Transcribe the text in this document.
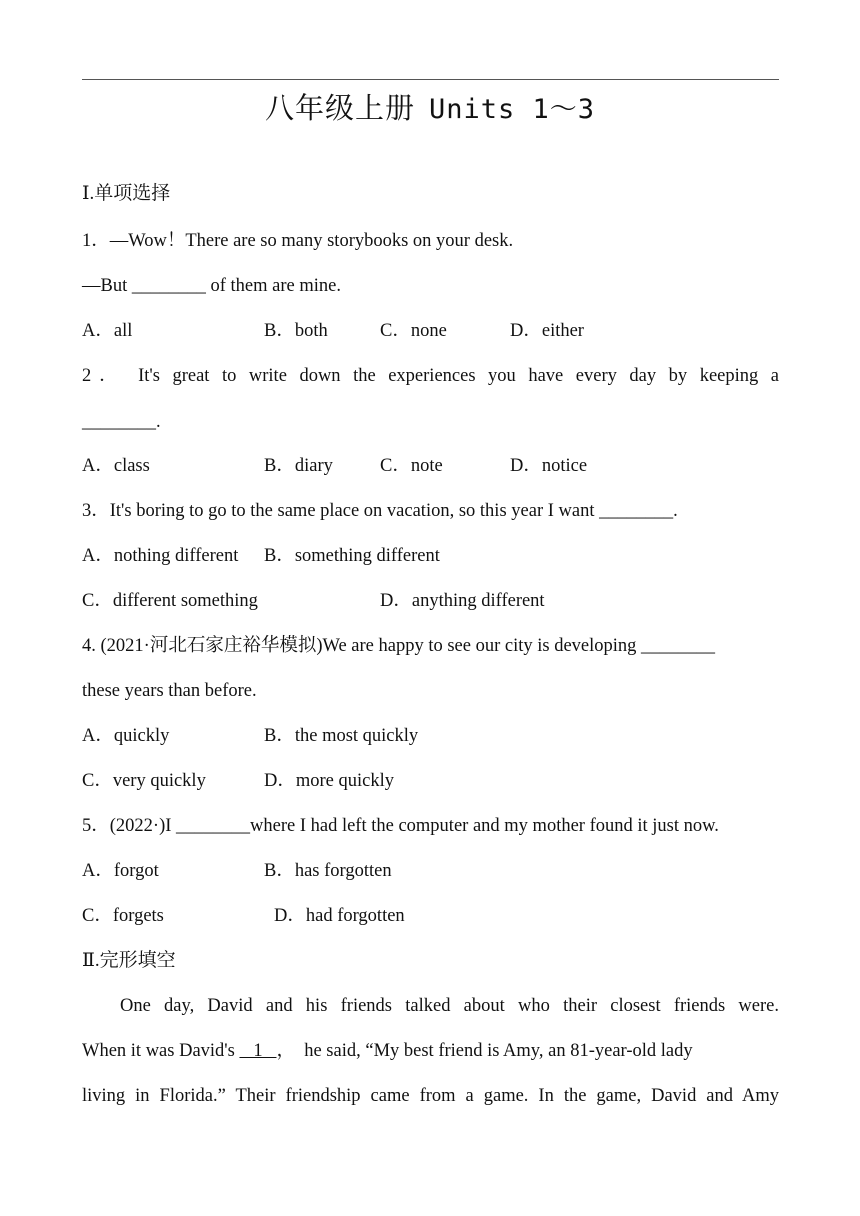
八年级上册 Units 1～3
Ⅰ.单项选择
1．—Wow！There are so many storybooks on your desk.
—But ________ of them are mine.
A．all	B．both	C．none	D．either
2． It's great to write down the experiences you have every day by keeping a
________.
A．class	B．diary	C．note	D．notice
3．It's boring to go to the same place on vacation, so this year I want ________.
A．nothing different B．something different
C．different something	D．anything different
4. (2021·河北石家庄裕华模拟)We are happy to see our city is developing ________
these years than before.
A．quickly	B．the most quickly
C．very quickly	D．more quickly
5．(2022·)I ________where I had left the computer and my mother found it just now.
A．forgot	B．has forgotten
C．forgets	D．had forgotten
Ⅱ.完形填空
One day, David and his friends talked about who their closest friends were.
When it was David's    1   ，  he said, “My best friend is Amy, an 81-year-old lady
living in Florida.” Their friendship came from a game. In the game, David and Amy
